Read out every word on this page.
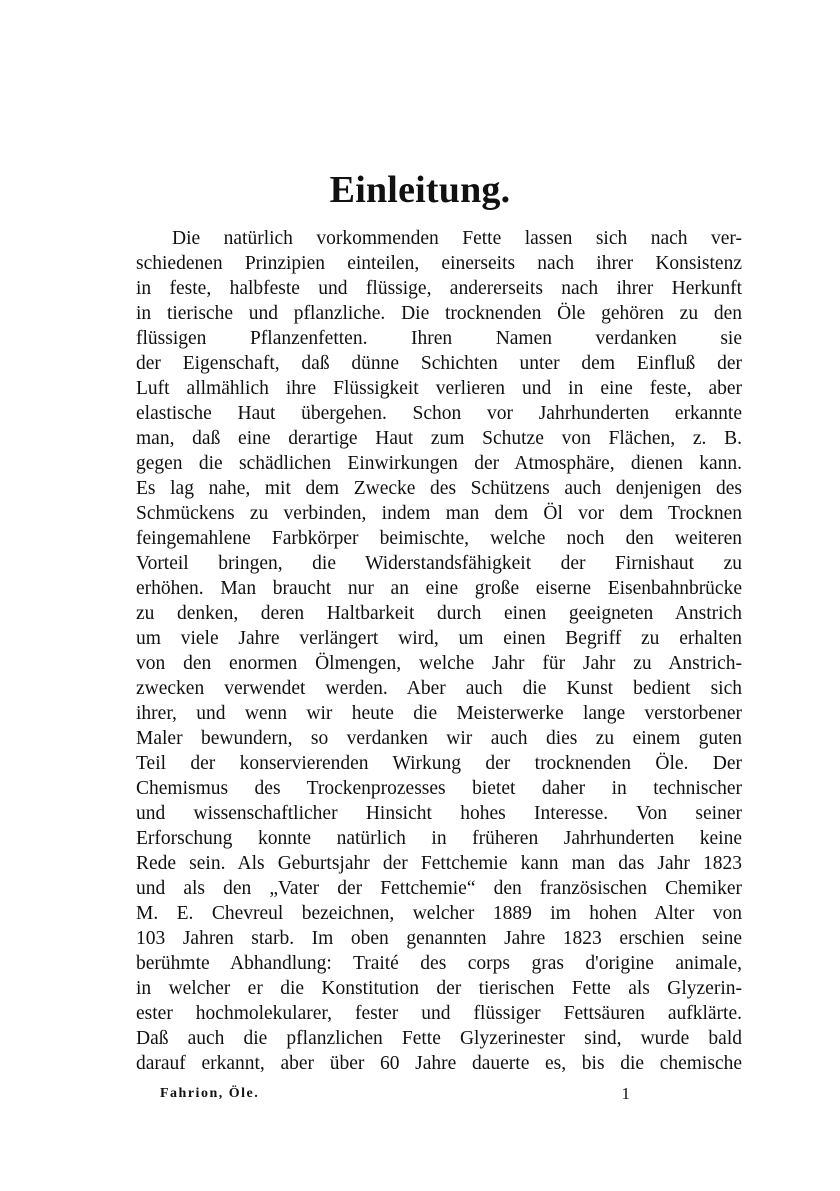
Einleitung.
Die natürlich vorkommenden Fette lassen sich nach ver-
schiedenen Prinzipien einteilen, einerseits nach ihrer Konsistenz
in feste, halbfeste und flüssige, andererseits nach ihrer Herkunft
in tierische und pflanzliche. Die trocknenden Öle gehören zu den
flüssigen Pflanzenfetten. Ihren Namen verdanken sie
der Eigenschaft, daß dünne Schichten unter dem Einfluß der
Luft allmählich ihre Flüssigkeit verlieren und in eine feste, aber
elastische Haut übergehen. Schon vor Jahrhunderten erkannte
man, daß eine derartige Haut zum Schutze von Flächen, z. B.
gegen die schädlichen Einwirkungen der Atmosphäre, dienen kann.
Es lag nahe, mit dem Zwecke des Schützens auch denjenigen des
Schmückens zu verbinden, indem man dem Öl vor dem Trocknen
feingemahlene Farbkörper beimischte, welche noch den weiteren
Vorteil bringen, die Widerstandsfähigkeit der Firnishaut zu
erhöhen. Man braucht nur an eine große eiserne Eisenbahnbrücke
zu denken, deren Haltbarkeit durch einen geeigneten Anstrich
um viele Jahre verlängert wird, um einen Begriff zu erhalten
von den enormen Ölmengen, welche Jahr für Jahr zu Anstrich-
zwecken verwendet werden. Aber auch die Kunst bedient sich
ihrer, und wenn wir heute die Meisterwerke lange verstorbener
Maler bewundern, so verdanken wir auch dies zu einem guten
Teil der konservierenden Wirkung der trocknenden Öle. Der
Chemismus des Trockenprozesses bietet daher in technischer
und wissenschaftlicher Hinsicht hohes Interesse. Von seiner
Erforschung konnte natürlich in früheren Jahrhunderten keine
Rede sein. Als Geburtsjahr der Fettchemie kann man das Jahr 1823
und als den „Vater der Fettchemie“ den französischen Chemiker
M. E. Chevreul bezeichnen, welcher 1889 im hohen Alter von
103 Jahren starb. Im oben genannten Jahre 1823 erschien seine
berühmte Abhandlung: Traité des corps gras d'origine animale,
in welcher er die Konstitution der tierischen Fette als Glyzerin-
ester hochmolekularer, fester und flüssiger Fettsäuren aufklärte.
Daß auch die pflanzlichen Fette Glyzerinester sind, wurde bald
darauf erkannt, aber über 60 Jahre dauerte es, bis die chemische
Fahrion, Öle.	1
